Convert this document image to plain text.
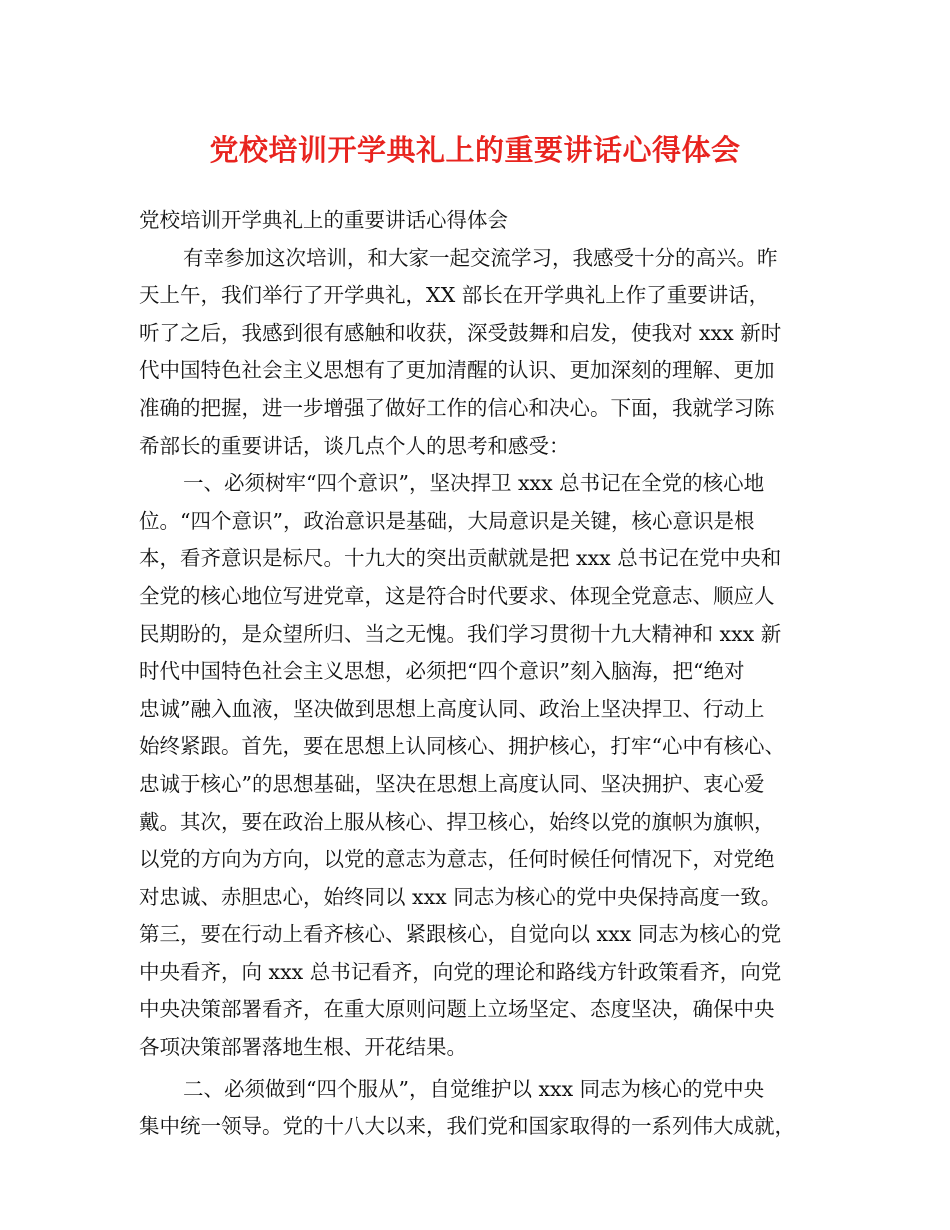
党校培训开学典礼上的重要讲话心得体会
党校培训开学典礼上的重要讲话心得体会
有幸参加这次培训，和大家一起交流学习，我感受十分的高兴。昨
天上午，我们举行了开学典礼，XX 部长在开学典礼上作了重要讲话，
听了之后，我感到很有感触和收获，深受鼓舞和启发，使我对 xxx 新时
代中国特色社会主义思想有了更加清醒的认识、更加深刻的理解、更加
准确的把握，进一步增强了做好工作的信心和决心。下面，我就学习陈
希部长的重要讲话，谈几点个人的思考和感受：
一、必须树牢“四个意识”，坚决捍卫 xxx 总书记在全党的核心地
位。“四个意识”，政治意识是基础，大局意识是关键，核心意识是根
本，看齐意识是标尺。十九大的突出贡献就是把 xxx 总书记在党中央和
全党的核心地位写进党章，这是符合时代要求、体现全党意志、顺应人
民期盼的，是众望所归、当之无愧。我们学习贯彻十九大精神和 xxx 新
时代中国特色社会主义思想，必须把“四个意识”刻入脑海，把“绝对
忠诚”融入血液，坚决做到思想上高度认同、政治上坚决捍卫、行动上
始终紧跟。首先，要在思想上认同核心、拥护核心，打牢“心中有核心、
忠诚于核心”的思想基础，坚决在思想上高度认同、坚决拥护、衷心爱
戴。其次，要在政治上服从核心、捍卫核心，始终以党的旗帜为旗帜，
以党的方向为方向，以党的意志为意志，任何时候任何情况下，对党绝
对忠诚、赤胆忠心，始终同以 xxx 同志为核心的党中央保持高度一致。
第三，要在行动上看齐核心、紧跟核心，自觉向以 xxx 同志为核心的党
中央看齐，向 xxx 总书记看齐，向党的理论和路线方针政策看齐，向党
中央决策部署看齐，在重大原则问题上立场坚定、态度坚决，确保中央
各项决策部署落地生根、开花结果。
二、必须做到“四个服从”，自觉维护以 xxx 同志为核心的党中央
集中统一领导。党的十八大以来，我们党和国家取得的一系列伟大成就，
